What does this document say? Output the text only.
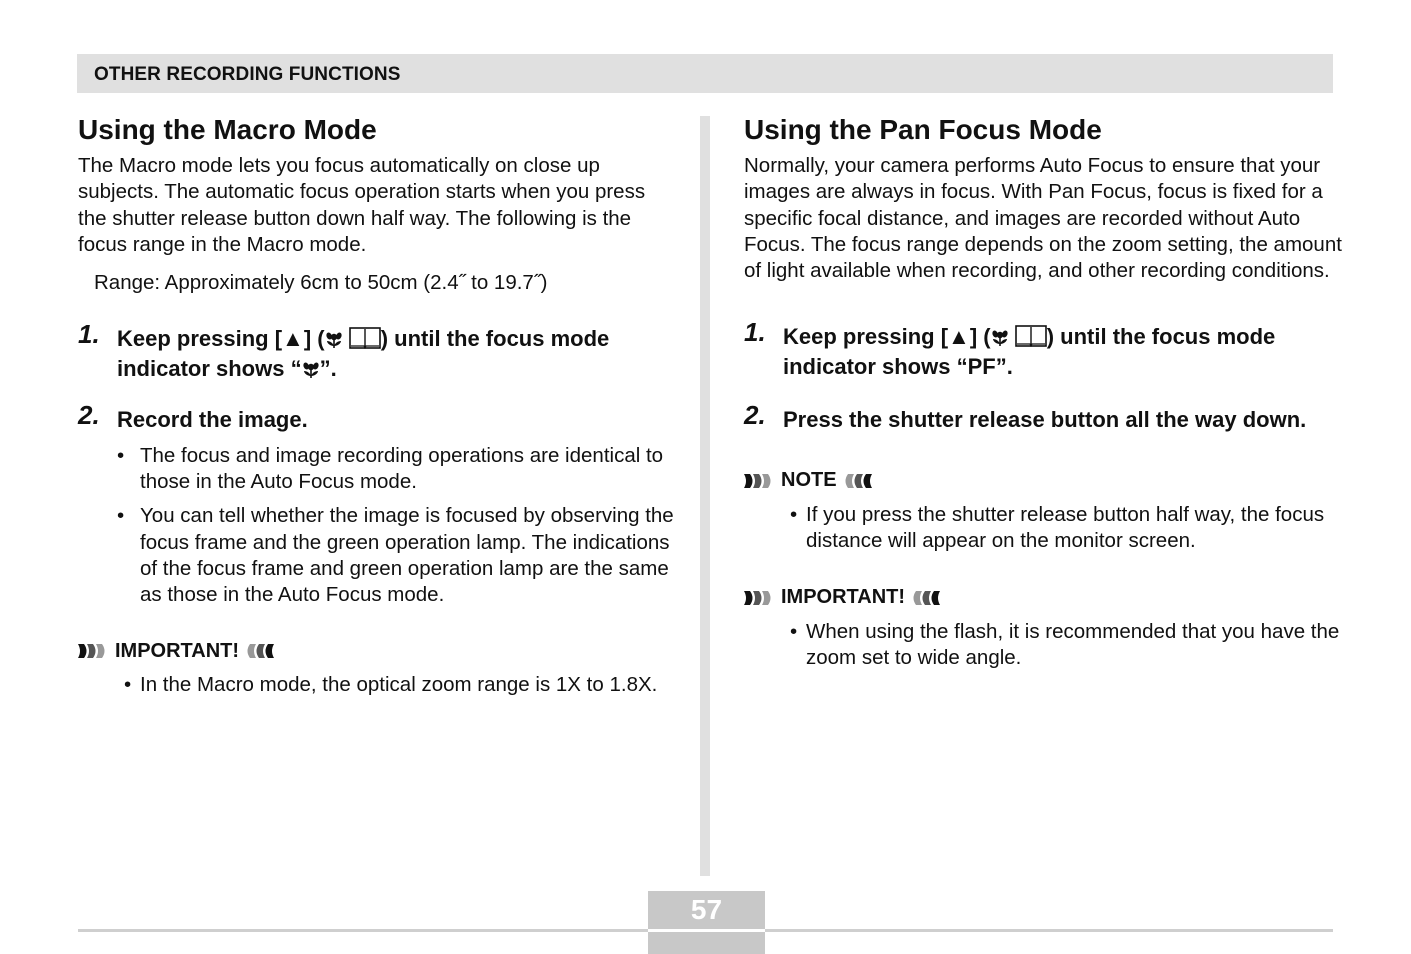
OTHER RECORDING FUNCTIONS
Using the Macro Mode

The Macro mode lets you focus automatically on close up subjects. The automatic focus operation starts when you press the shutter release button down half way. The following is the focus range in the Macro mode.

Range: Approximately 6cm to 50cm (2.4˝ to 19.7˝)
1. Keep pressing [▲] (	) until the focus mode indicator shows “ ”.
2. Record the image.
• The focus and image recording operations are identical to those in the Auto Focus mode.
• You can tell whether the image is focused by observing the focus frame and the green operation lamp. The indications of the focus frame and green operation lamp are the same as those in the Auto Focus mode.
IMPORTANT!
• In the Macro mode, the optical zoom range is 1X to 1.8X.
Using the Pan Focus Mode

Normally, your camera performs Auto Focus to ensure that your images are always in focus. With Pan Focus, focus is fixed for a specific focal distance, and images are recorded without Auto Focus. The focus range depends on the zoom setting, the amount of light available when recording, and other recording conditions.

1. Keep pressing [▲] (	) until the focus mode indicator shows “PF”.
2. Press the shutter release button all the way down.
NOTE
• If you press the shutter release button half way, the focus distance will appear on the monitor screen.
IMPORTANT!
• When using the flash, it is recommended that you have the zoom set to wide angle.
57
